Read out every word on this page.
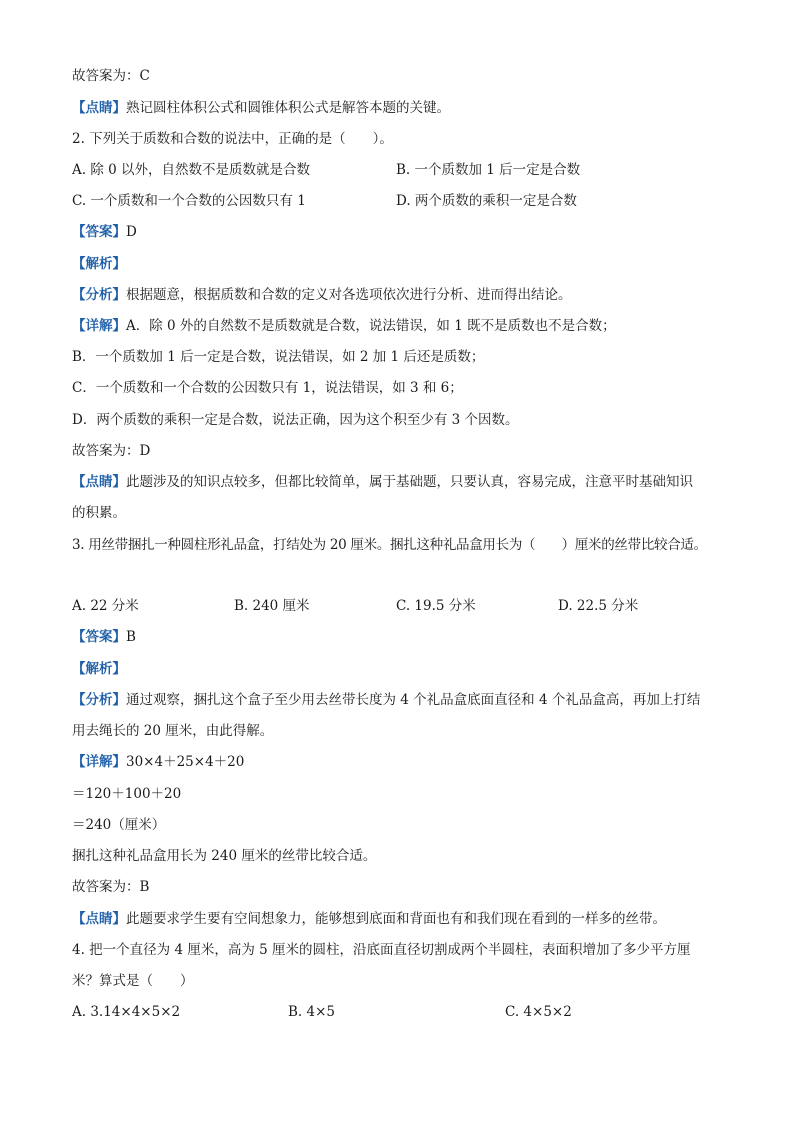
故答案为：C
【点睛】熟记圆柱体积公式和圆锥体积公式是解答本题的关键。
2. 下列关于质数和合数的说法中，正确的是（　　）。
A. 除 0 以外，自然数不是质数就是合数	B. 一个质数加 1 后一定是合数
C. 一个质数和一个合数的公因数只有 1	D. 两个质数的乘积一定是合数
【答案】D
【解析】
【分析】根据题意，根据质数和合数的定义对各选项依次进行分析、进而得出结论。
【详解】A．除 0 外的自然数不是质数就是合数，说法错误，如 1 既不是质数也不是合数；
B．一个质数加 1 后一定是合数，说法错误，如 2 加 1 后还是质数；
C．一个质数和一个合数的公因数只有 1，说法错误，如 3 和 6；
D．两个质数的乘积一定是合数，说法正确，因为这个积至少有 3 个因数。
故答案为：D
【点睛】此题涉及的知识点较多，但都比较简单，属于基础题，只要认真，容易完成，注意平时基础知识
的积累。
3. 用丝带捆扎一种圆柱形礼品盒，打结处为 20 厘米。捆扎这种礼品盒用长为（　　）厘米的丝带比较合适。
A. 22 分米	B. 240 厘米	C. 19.5 分米	D. 22.5 分米
【答案】B
【解析】
【分析】通过观察，捆扎这个盒子至少用去丝带长度为 4 个礼品盒底面直径和 4 个礼品盒高，再加上打结
用去绳长的 20 厘米，由此得解。
【详解】30×4＋25×4＋20
＝120＋100＋20
＝240（厘米）
捆扎这种礼品盒用长为 240 厘米的丝带比较合适。
故答案为：B
【点睛】此题要求学生要有空间想象力，能够想到底面和背面也有和我们现在看到的一样多的丝带。
4. 把一个直径为 4 厘米，高为 5 厘米的圆柱，沿底面直径切割成两个半圆柱，表面积增加了多少平方厘
米？算式是（　　）
A. 3.14×4×5×2	B. 4×5	C. 4×5×2
